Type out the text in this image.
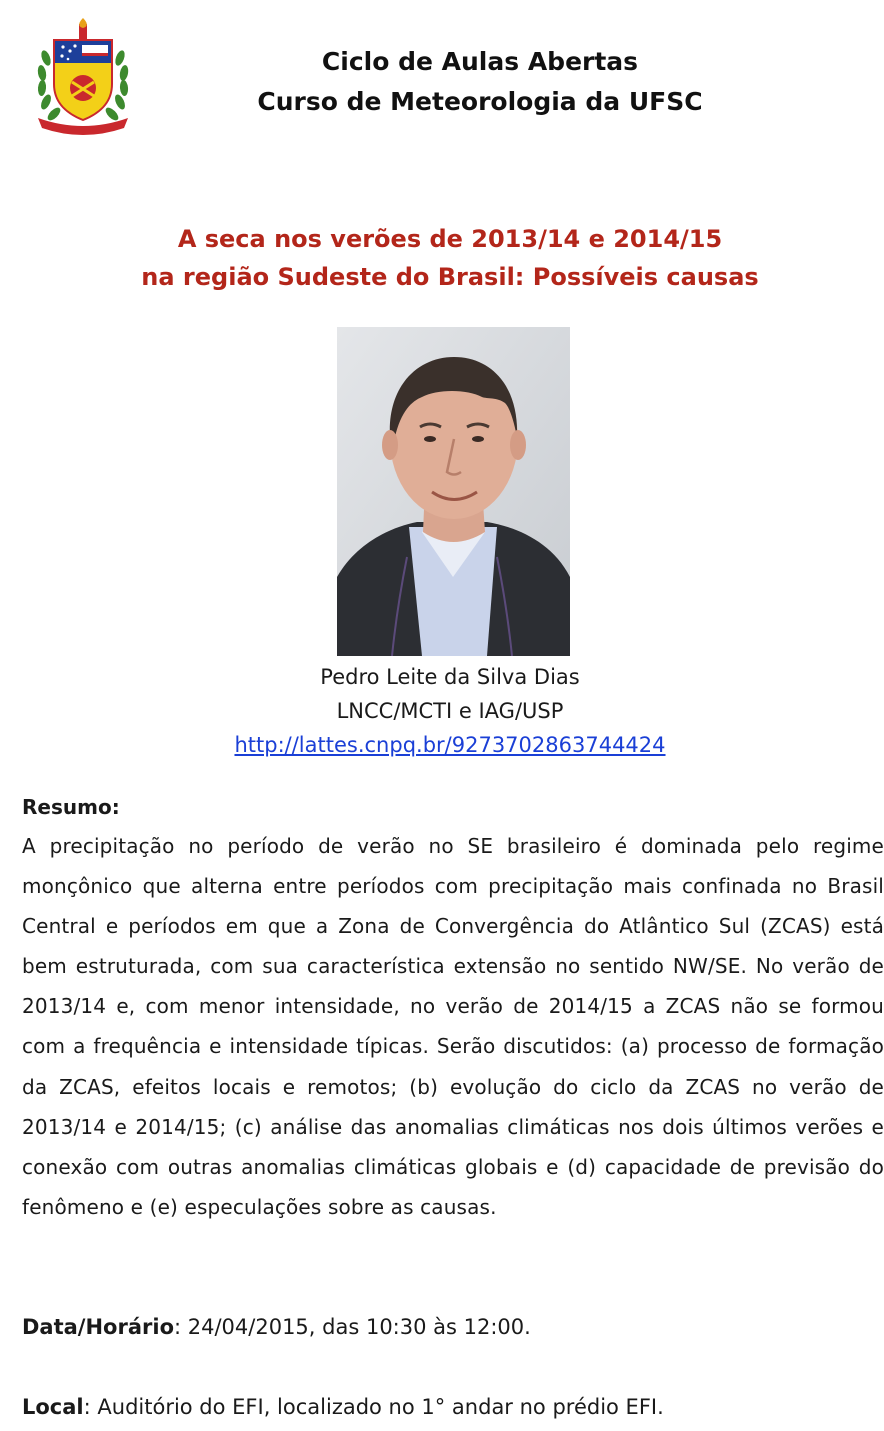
Ciclo de Aulas Abertas
Curso de Meteorologia da UFSC
A seca nos verões de 2013/14 e 2014/15
na região Sudeste do Brasil: Possíveis causas
Pedro Leite da Silva Dias
LNCC/MCTI e IAG/USP
http://lattes.cnpq.br/9273702863744424
Resumo:
A precipitação no período de verão no SE brasileiro é dominada pelo regime monçônico que alterna entre períodos com precipitação mais confinada no Brasil Central e períodos em que a Zona de Convergência do Atlântico Sul (ZCAS) está bem estruturada, com sua característica extensão no sentido NW/SE. No verão de 2013/14 e, com menor intensidade, no verão de 2014/15 a ZCAS não se formou com a frequência e intensidade típicas. Serão discutidos: (a) processo de formação da ZCAS, efeitos locais e remotos; (b) evolução do ciclo da ZCAS no verão de 2013/14 e 2014/15; (c) análise das anomalias climáticas nos dois últimos verões e conexão com outras anomalias climáticas globais e (d) capacidade de previsão do fenômeno e (e) especulações sobre as causas.
Data/Horário: 24/04/2015, das 10:30 às 12:00.
Local: Auditório do EFI, localizado no 1° andar no prédio EFI.
